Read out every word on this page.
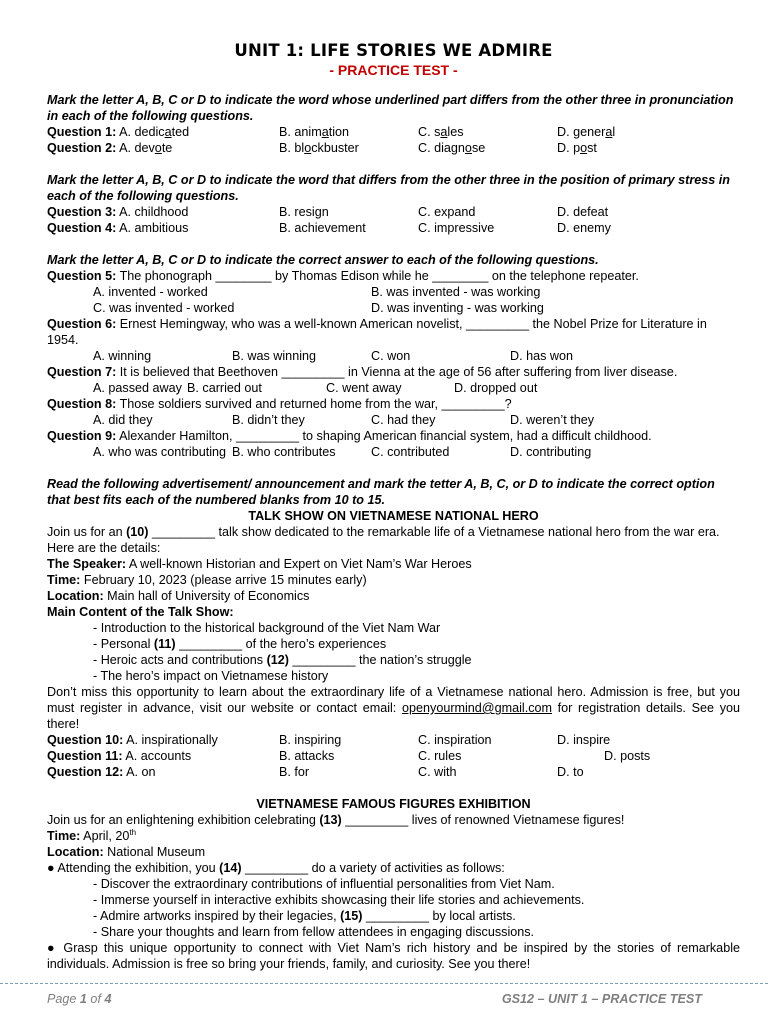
UNIT 1: LIFE STORIES WE ADMIRE
- PRACTICE TEST -
Mark the letter A, B, C or D to indicate the word whose underlined part differs from the other three in pronunciation in each of the following questions.
Question 1: A. dedicated	B. animation	C. sales	D. general
Question 2: A. devote	B. blockbuster	C. diagnose	D. post
Mark the letter A, B, C or D to indicate the word that differs from the other three in the position of primary stress in each of the following questions.
Question 3: A. childhood	B. resign	C. expand	D. defeat
Question 4: A. ambitious	B. achievement	C. impressive	D. enemy
Mark the letter A, B, C or D to indicate the correct answer to each of the following questions.
Question 5: The phonograph ________ by Thomas Edison while he ________ on the telephone repeater.
A. invented - worked	B. was invented - was working
C. was invented - worked	D. was inventing - was working
Question 6: Ernest Hemingway, who was a well-known American novelist, _________ the Nobel Prize for Literature in 1954.
A. winning	B. was winning	C. won	D. has won
Question 7: It is believed that Beethoven _________ in Vienna at the age of 56 after suffering from liver disease.
A. passed away B. carried out	C. went away	D. dropped out
Question 8: Those soldiers survived and returned home from the war, _________?
A. did they	B. didn’t they	C. had they	D. weren’t they
Question 9: Alexander Hamilton, _________ to shaping American financial system, had a difficult childhood.
A. who was contributing B. who contributes	C. contributed	D. contributing
Read the following advertisement/ announcement and mark the tetter A, B, C, or D to indicate the correct option that best fits each of the numbered blanks from 10 to 15.
TALK SHOW ON VIETNAMESE NATIONAL HERO
Join us for an (10) _________ talk show dedicated to the remarkable life of a Vietnamese national hero from the war era.
Here are the details:
The Speaker: A well-known Historian and Expert on Viet Nam’s War Heroes
Time: February 10, 2023 (please arrive 15 minutes early)
Location: Main hall of University of Economics
Main Content of the Talk Show:
- Introduction to the historical background of the Viet Nam War
- Personal (11) _________ of the hero’s experiences
- Heroic acts and contributions (12) _________ the nation’s struggle
- The hero’s impact on Vietnamese history
Don’t miss this opportunity to learn about the extraordinary life of a Vietnamese national hero. Admission is free, but you must register in advance, visit our website or contact email: openyourmind@gmail.com for registration details. See you there!
Question 10: A. inspirationally	B. inspiring	C. inspiration	D. inspire
Question 11: A. accounts	B. attacks	C. rules	D. posts
Question 12: A. on	B. for	C. with	D. to
VIETNAMESE FAMOUS FIGURES EXHIBITION
Join us for an enlightening exhibition celebrating (13) _________ lives of renowned Vietnamese figures!
Time: April, 20th
Location: National Museum
● Attending the exhibition, you (14) _________ do a variety of activities as follows:
- Discover the extraordinary contributions of influential personalities from Viet Nam.
- Immerse yourself in interactive exhibits showcasing their life stories and achievements.
- Admire artworks inspired by their legacies, (15) _________ by local artists.
- Share your thoughts and learn from fellow attendees in engaging discussions.
● Grasp this unique opportunity to connect with Viet Nam’s rich history and be inspired by the stories of remarkable individuals. Admission is free so bring your friends, family, and curiosity. See you there!
Page 1 of 4	GS12 – UNIT 1 – PRACTICE TEST
